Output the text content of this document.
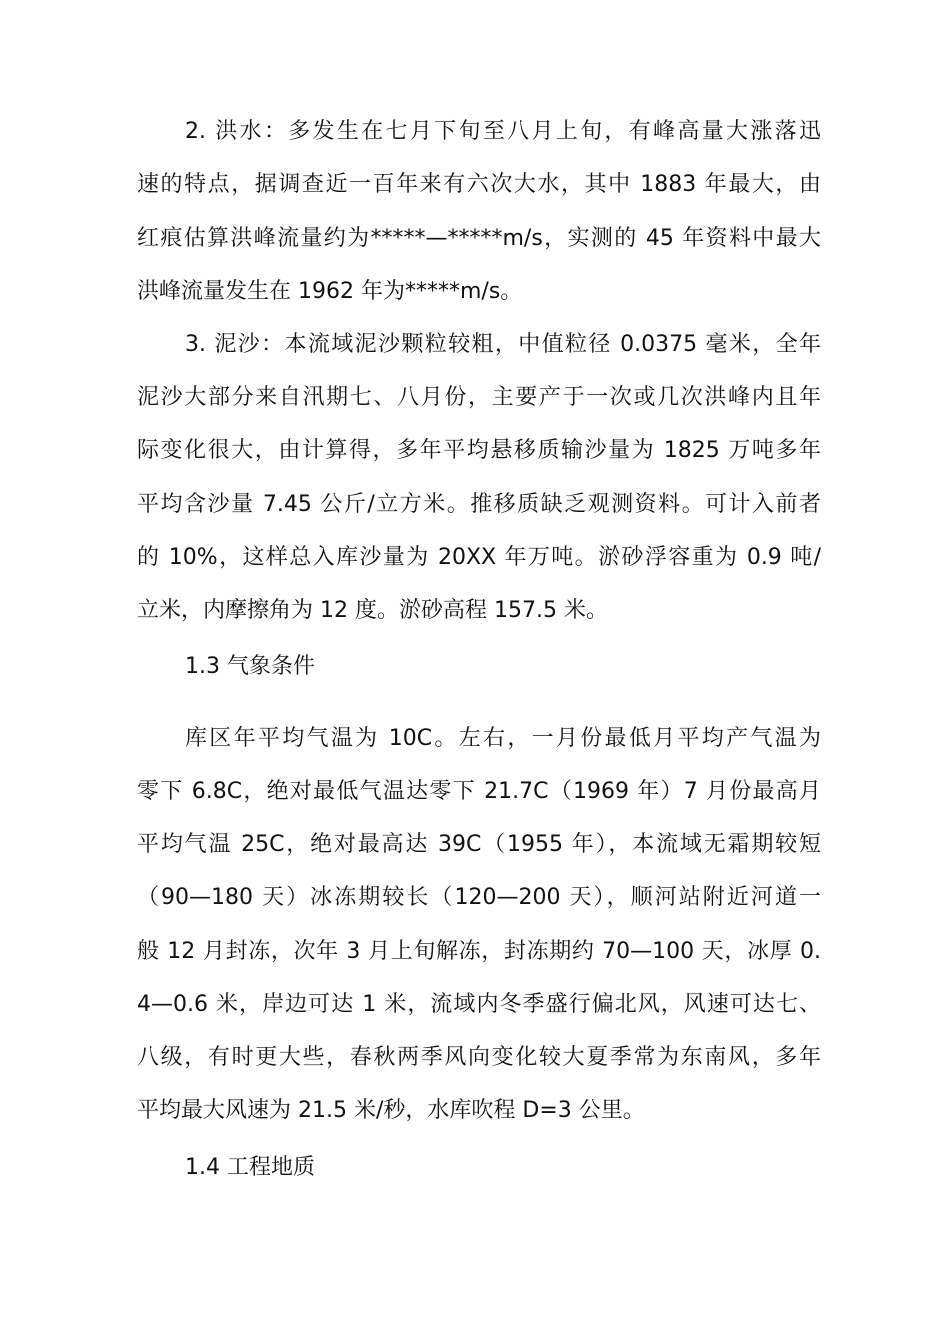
2. 洪水：多发生在七月下旬至八月上旬，有峰高量大涨落迅
速的特点，据调查近一百年来有六次大水，其中 1883 年最大，由
红痕估算洪峰流量约为*****—*****m/s，实测的 45 年资料中最大
洪峰流量发生在 1962 年为*****m/s。
3. 泥沙：本流域泥沙颗粒较粗，中值粒径 0.0375 毫米，全年
泥沙大部分来自汛期七、八月份，主要产于一次或几次洪峰内且年
际变化很大，由计算得，多年平均悬移质输沙量为 1825 万吨多年
平均含沙量 7.45 公斤/立方米。推移质缺乏观测资料。可计入前者
的 10%，这样总入库沙量为 20XX 年万吨。淤砂浮容重为 0.9 吨/
立米，内摩擦角为 12 度。淤砂高程 157.5 米。
1.3 气象条件
库区年平均气温为 10C。左右，一月份最低月平均产气温为
零下 6.8C，绝对最低气温达零下 21.7C（1969 年）7 月份最高月
平均气温 25C，绝对最高达 39C（1955 年），本流域无霜期较短
（90—180 天）冰冻期较长（120—200 天），顺河站附近河道一
般 12 月封冻，次年 3 月上旬解冻，封冻期约 70—100 天，冰厚 0.
4—0.6 米，岸边可达 1 米，流域内冬季盛行偏北风，风速可达七、
八级，有时更大些，春秋两季风向变化较大夏季常为东南风，多年
平均最大风速为 21.5 米/秒，水库吹程 D=3 公里。
1.4 工程地质
